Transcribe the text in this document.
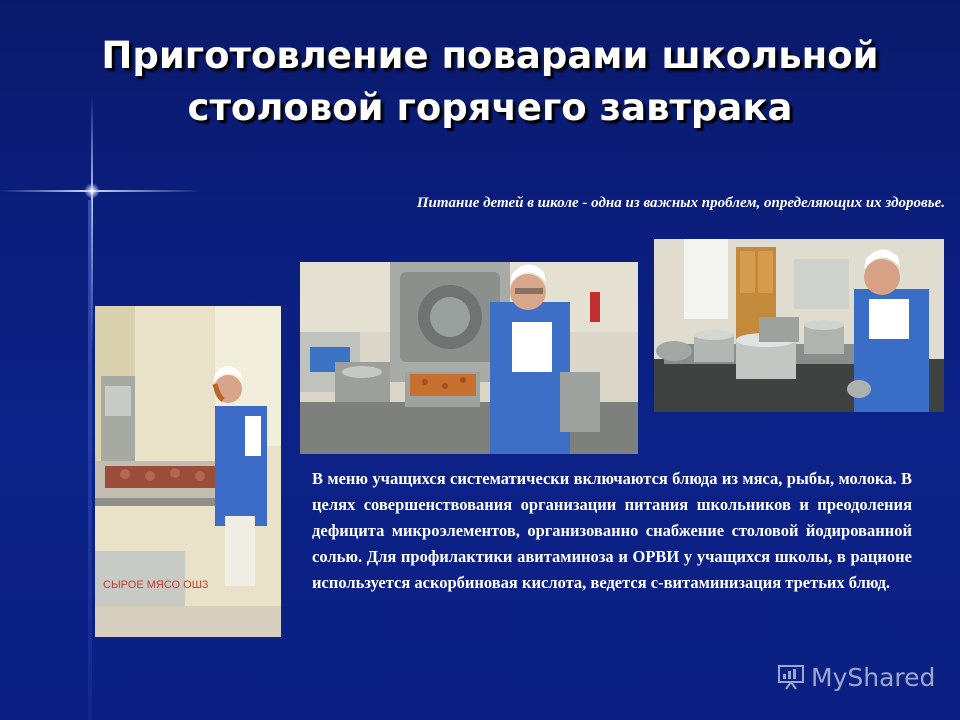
Приготовление поварами школьной столовой горячего завтрака
Питание детей в школе - одна из важных проблем, определяющих их здоровье.
СЫРОЕ МЯСО ОШЗ
В меню учащихся систематически включаются блюда из мяса, рыбы, молока. В целях совершенствования организации питания школьников и преодоления дефицита микроэлементов, организованно снабжение столовой йодированной солью. Для профилактики авитаминоза и ОРВИ у учащихся школы, в рационе используется аскорбиновая кислота, ведется с-витаминизация третьих блюд.
MyShared
